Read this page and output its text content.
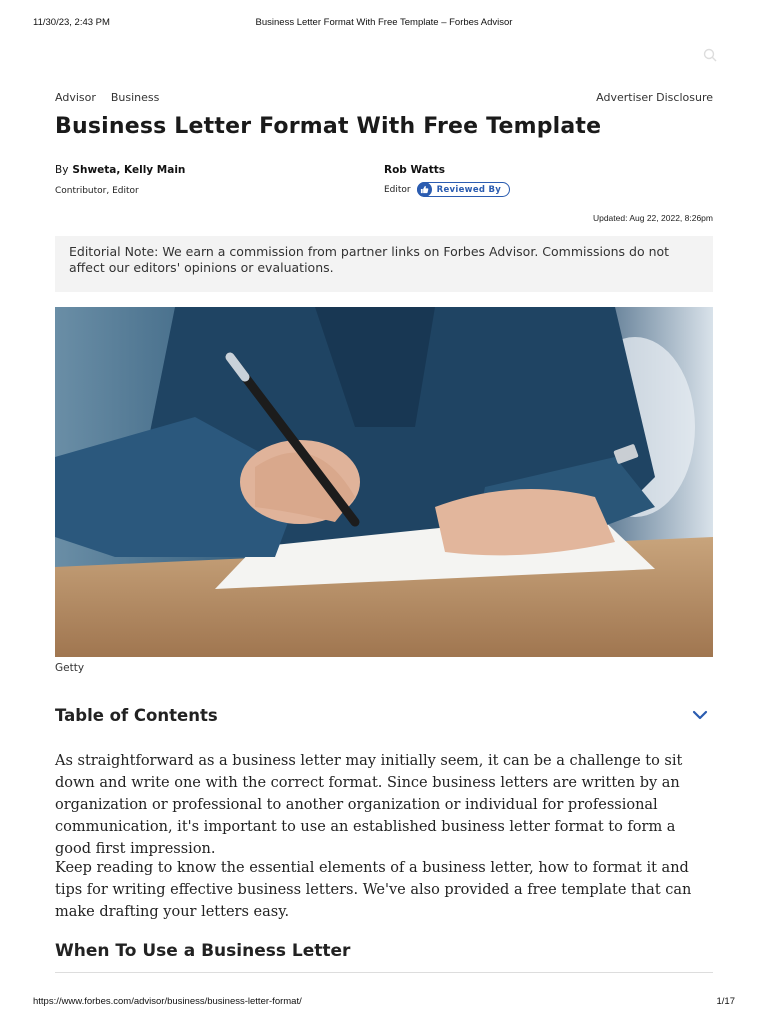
11/30/23, 2:43 PM	Business Letter Format With Free Template – Forbes Advisor
Advisor Business	Advertiser Disclosure
Business Letter Format With Free Template
By Shweta, Kelly Main
Contributor, Editor
Rob Watts
Editor	Reviewed By
Updated: Aug 22, 2022, 8:26pm
Editorial Note: We earn a commission from partner links on Forbes Advisor. Commissions do not affect our editors' opinions or evaluations.
Getty
Table of Contents

As straightforward as a business letter may initially seem, it can be a challenge to sit down and write one with the correct format. Since business letters are written by an organization or professional to another organization or individual for professional communication, it's important to use an established business letter format to form a good first impression.

Keep reading to know the essential elements of a business letter, how to format it and tips for writing effective business letters. We've also provided a free template that can make drafting your letters easy.

When To Use a Business Letter
https://www.forbes.com/advisor/business/business-letter-format/	1/17
